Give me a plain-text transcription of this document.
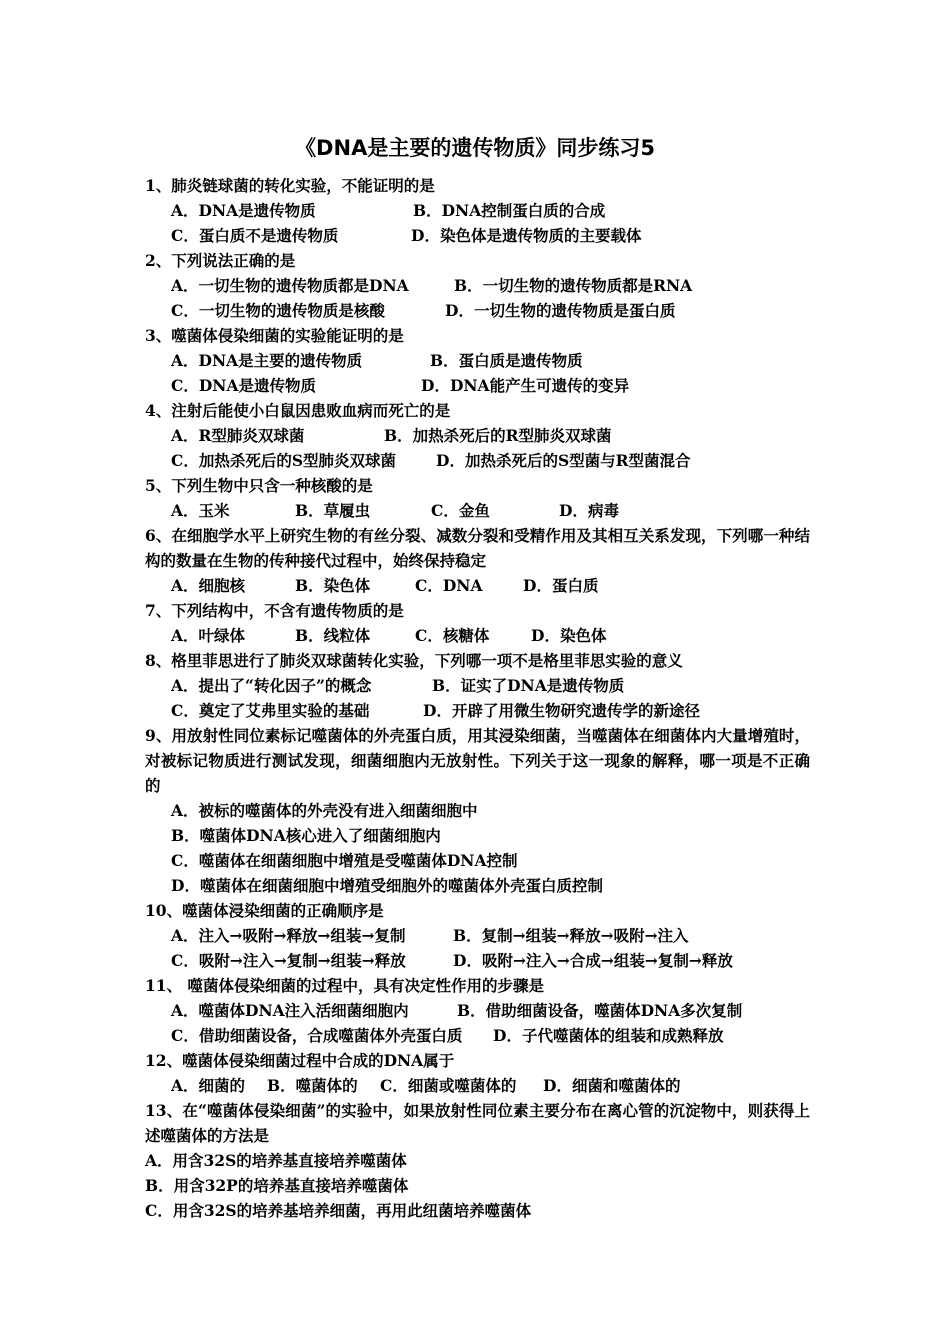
《DNA是主要的遗传物质》同步练习5
1、肺炎链球菌的转化实验，不能证明的是
A．DNA是遗传物质	B．DNA控制蛋白质的合成
C．蛋白质不是遗传物质	D．染色体是遗传物质的主要载体
2、下列说法正确的是
A．一切生物的遗传物质都是DNA	B．一切生物的遗传物质都是RNA
C．一切生物的遗传物质是核酸	D．一切生物的遗传物质是蛋白质
3、噬菌体侵染细菌的实验能证明的是
A．DNA是主要的遗传物质	B．蛋白质是遗传物质
C．DNA是遗传物质	D．DNA能产生可遗传的变异
4、注射后能使小白鼠因患败血病而死亡的是
A．R型肺炎双球菌	B．加热杀死后的R型肺炎双球菌
C．加热杀死后的S型肺炎双球菌	D．加热杀死后的S型菌与R型菌混合
5、下列生物中只含一种核酸的是
A．玉米	B．草履虫	C．金鱼	D．病毒
6、在细胞学水平上研究生物的有丝分裂、减数分裂和受精作用及其相互关系发现，下列哪一种结构的数量在生物的传种接代过程中，始终保持稳定
A．细胞核	B．染色体	C．DNA	D．蛋白质
7、下列结构中，不含有遗传物质的是
A．叶绿体	B．线粒体	C．核糖体	D．染色体
8、格里菲思进行了肺炎双球菌转化实验，下列哪一项不是格里菲思实验的意义
A．提出了“转化因子”的概念	B．证实了DNA是遗传物质
C．奠定了艾弗里实验的基础	D．开辟了用微生物研究遗传学的新途径
9、用放射性同位素标记噬菌体的外壳蛋白质，用其浸染细菌，当噬菌体在细菌体内大量增殖时，对被标记物质进行测试发现，细菌细胞内无放射性。下列关于这一现象的解释，哪一项是不正确的
A．被标的噬菌体的外壳没有进入细菌细胞中
B．噬菌体DNA核心进入了细菌细胞内
C．噬菌体在细菌细胞中增殖是受噬菌体DNA控制
D．噬菌体在细菌细胞中增殖受细胞外的噬菌体外壳蛋白质控制
10、噬菌体浸染细菌的正确顺序是
A．注入→吸附→释放→组装→复制	B．复制→组装→释放→吸附→注入
C．吸附→注入→复制→组装→释放	D．吸附→注入→合成→组装→复制→释放
11、 噬菌体侵染细菌的过程中，具有决定性作用的步骤是
A．噬菌体DNA注入活细菌细胞内	B．借助细菌设备，噬菌体DNA多次复制
C．借助细菌设备，合成噬菌体外壳蛋白质 D．子代噬菌体的组装和成熟释放
12、噬菌体侵染细菌过程中合成的DNA属于
A．细菌的 B．噬菌体的 C．细菌或噬菌体的 D．细菌和噬菌体的
13、在“噬菌体侵染细菌”的实验中，如果放射性同位素主要分布在离心管的沉淀物中，则获得上述噬菌体的方法是
A．用含32S的培养基直接培养噬菌体
B．用含32P的培养基直接培养噬菌体
C．用含32S的培养基培养细菌，再用此纽菌培养噬菌体
